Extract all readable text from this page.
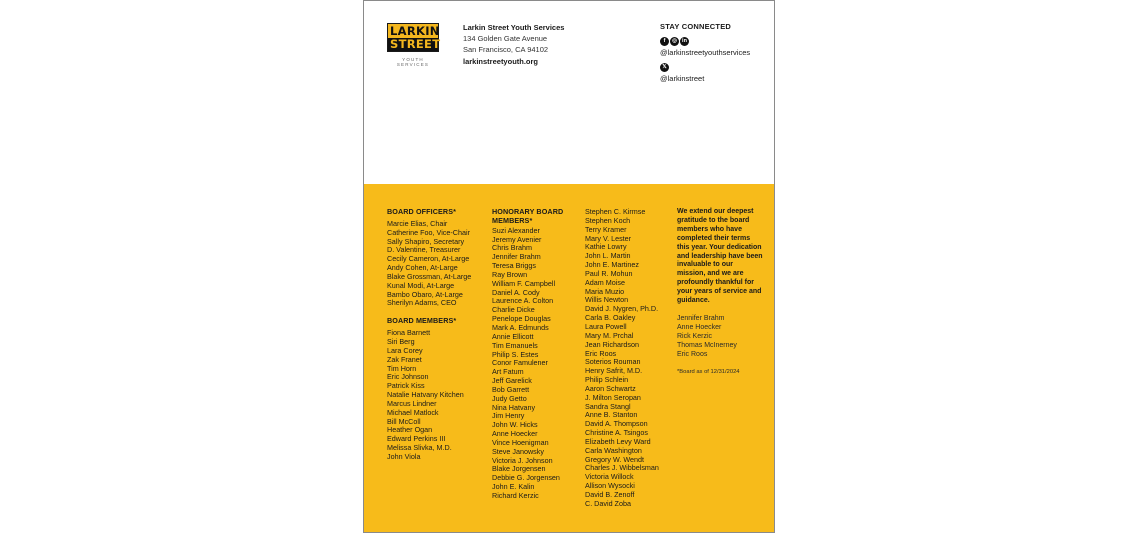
LARKIN
STREET
YOUTH SERVICES
Larkin Street Youth Services
134 Golden Gate Avenue
San Francisco, CA 94102
larkinstreetyouth.org
STAY CONNECTED
f	◎ in
@larkinstreetyouthservices
𝕏
@larkinstreet
BOARD OFFICERS*
Marcie Elias, Chair
Catherine Foo, Vice-Chair
Sally Shapiro, Secretary
D. Valentine, Treasurer
Cecily Cameron, At-Large
Andy Cohen, At-Large
Blake Grossman, At-Large
Kunal Modi, At-Large
Bambo Obaro, At-Large
Sherilyn Adams, CEO
BOARD MEMBERS*
Fiona Barnett
Siri Berg
Lara Corey
Zak Franet
Tim Horn
Eric Johnson
Patrick Kiss
Natalie Hatvany Kitchen
Marcus Lindner
Michael Matlock
Bill McColl
Heather Ogan
Edward Perkins III
Melissa Slivka, M.D.
John Viola
HONORARY BOARD
MEMBERS*
Suzi Alexander
Jeremy Avenier
Chris Brahm
Jennifer Brahm
Teresa Briggs
Ray Brown
William F. Campbell
Daniel A. Cody
Laurence A. Colton
Charlie Dicke
Penelope Douglas
Mark A. Edmunds
Annie Ellicott
Tim Emanuels
Philip S. Estes
Conor Famulener
Art Fatum
Jeff Garelick
Bob Garrett
Judy Getto
Nina Hatvany
Jim Henry
John W. Hicks
Anne Hoecker
Vince Hoenigman
Steve Janowsky
Victoria J. Johnson
Blake Jorgensen
Debbie G. Jorgensen
John E. Kalin
Richard Kerzic
Stephen C. Kirmse
Stephen Koch
Terry Kramer
Mary V. Lester
Kathie Lowry
John L. Martin
John E. Martinez
Paul R. Mohun
Adam Moise
Maria Muzio
Willis Newton
David J. Nygren, Ph.D.
Carla B. Oakley
Laura Powell
Mary M. Prchal
Jean Richardson
Eric Roos
Soterios Rouman
Henry Safrit, M.D.
Philip Schlein
Aaron Schwartz
J. Milton Seropan
Sandra Stangl
Anne B. Stanton
David A. Thompson
Christine A. Tsingos
Elizabeth Levy Ward
Carla Washington
Gregory W. Wendt
Charles J. Wibbelsman
Victoria Willock
Allison Wysocki
David B. Zenoff
C. David Zoba
We extend our deepest gratitude to the board members who have completed their terms this year. Your dedication and leadership have been invaluable to our mission, and we are profoundly thankful for your years of service and guidance.
Jennifer Brahm
Anne Hoecker
Rick Kerzic
Thomas McInerney
Eric Roos
*Board as of 12/31/2024
